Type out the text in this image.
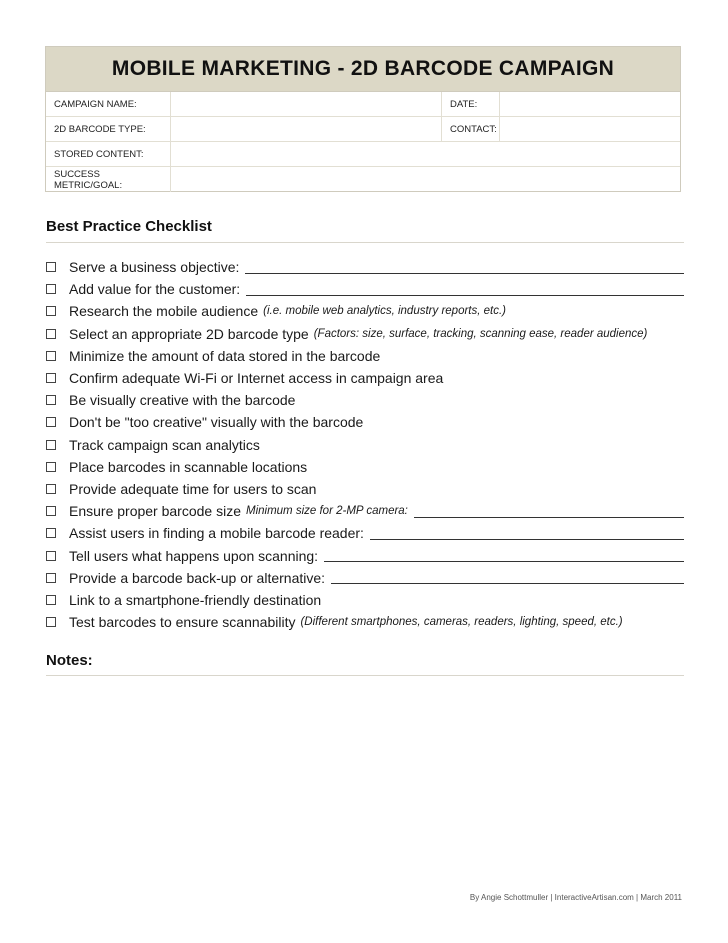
MOBILE MARKETING - 2D BARCODE CAMPAIGN
CAMPAIGN NAME:	DATE:
2D BARCODE TYPE:	CONTACT:
STORED CONTENT:
SUCCESS METRIC/GOAL:
Best Practice Checklist
Serve a business objective:
Add value for the customer:
Research the mobile audience (i.e. mobile web analytics, industry reports, etc.)
Select an appropriate 2D barcode type (Factors: size, surface, tracking, scanning ease, reader audience)
Minimize the amount of data stored in the barcode
Confirm adequate Wi-Fi or Internet access in campaign area
Be visually creative with the barcode
Don't be "too creative" visually with the barcode
Track campaign scan analytics
Place barcodes in scannable locations
Provide adequate time for users to scan
Ensure proper barcode size Minimum size for 2-MP camera:
Assist users in finding a mobile barcode reader:
Tell users what happens upon scanning:
Provide a barcode back-up or alternative:
Link to a smartphone-friendly destination
Test barcodes to ensure scannability (Different smartphones, cameras, readers, lighting, speed, etc.)
Notes:
By Angie Schottmuller | InteractiveArtisan.com | March 2011
